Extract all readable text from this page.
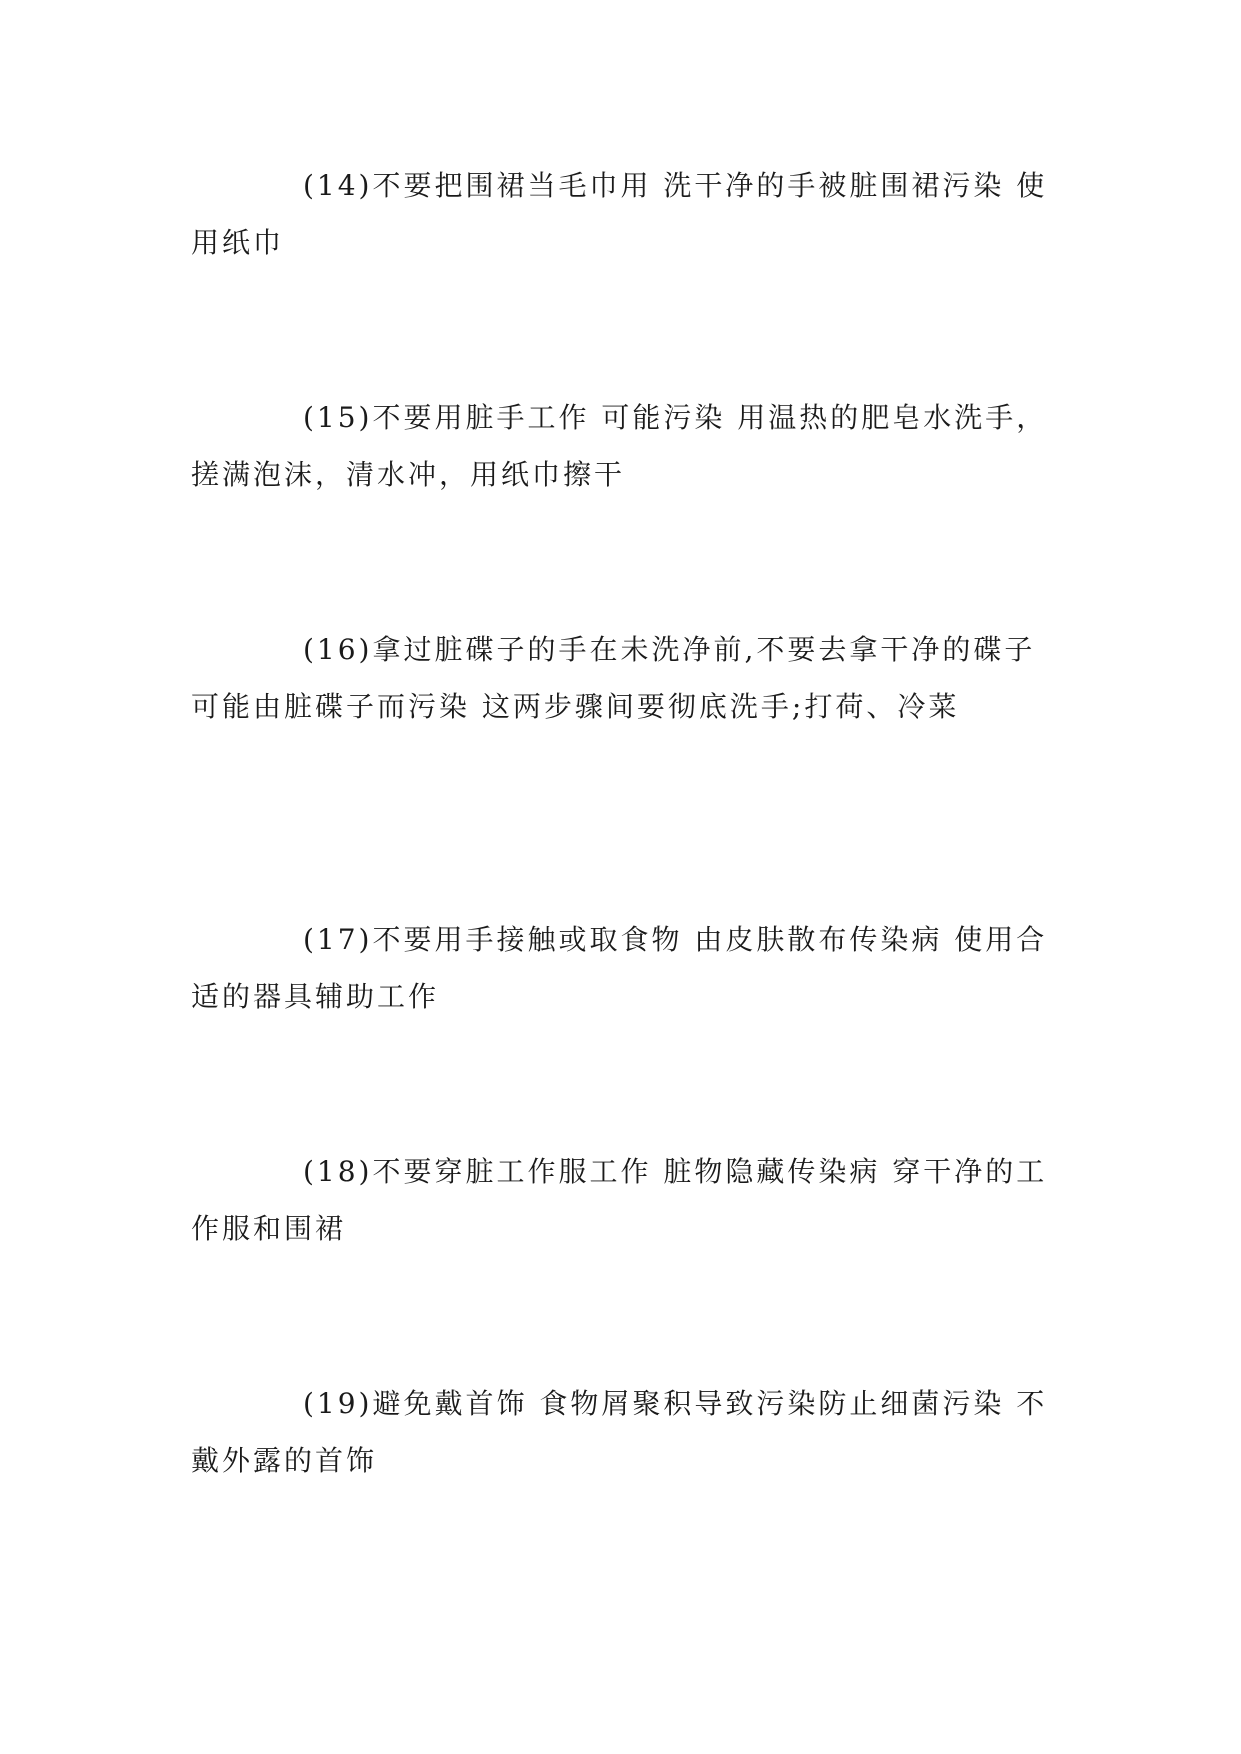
(14)不要把围裙当毛巾用 洗干净的手被脏围裙污染 使用纸巾

(15)不要用脏手工作 可能污染 用温热的肥皂水洗手，搓满泡沫，清水冲，用纸巾擦干

(16)拿过脏碟子的手在未洗净前,不要去拿干净的碟子 可能由脏碟子而污染 这两步骤间要彻底洗手;打荷、冷菜

(17)不要用手接触或取食物 由皮肤散布传染病 使用合适的器具辅助工作

(18)不要穿脏工作服工作 脏物隐藏传染病 穿干净的工作服和围裙

(19)避免戴首饰 食物屑聚积导致污染防止细菌污染 不戴外露的首饰
